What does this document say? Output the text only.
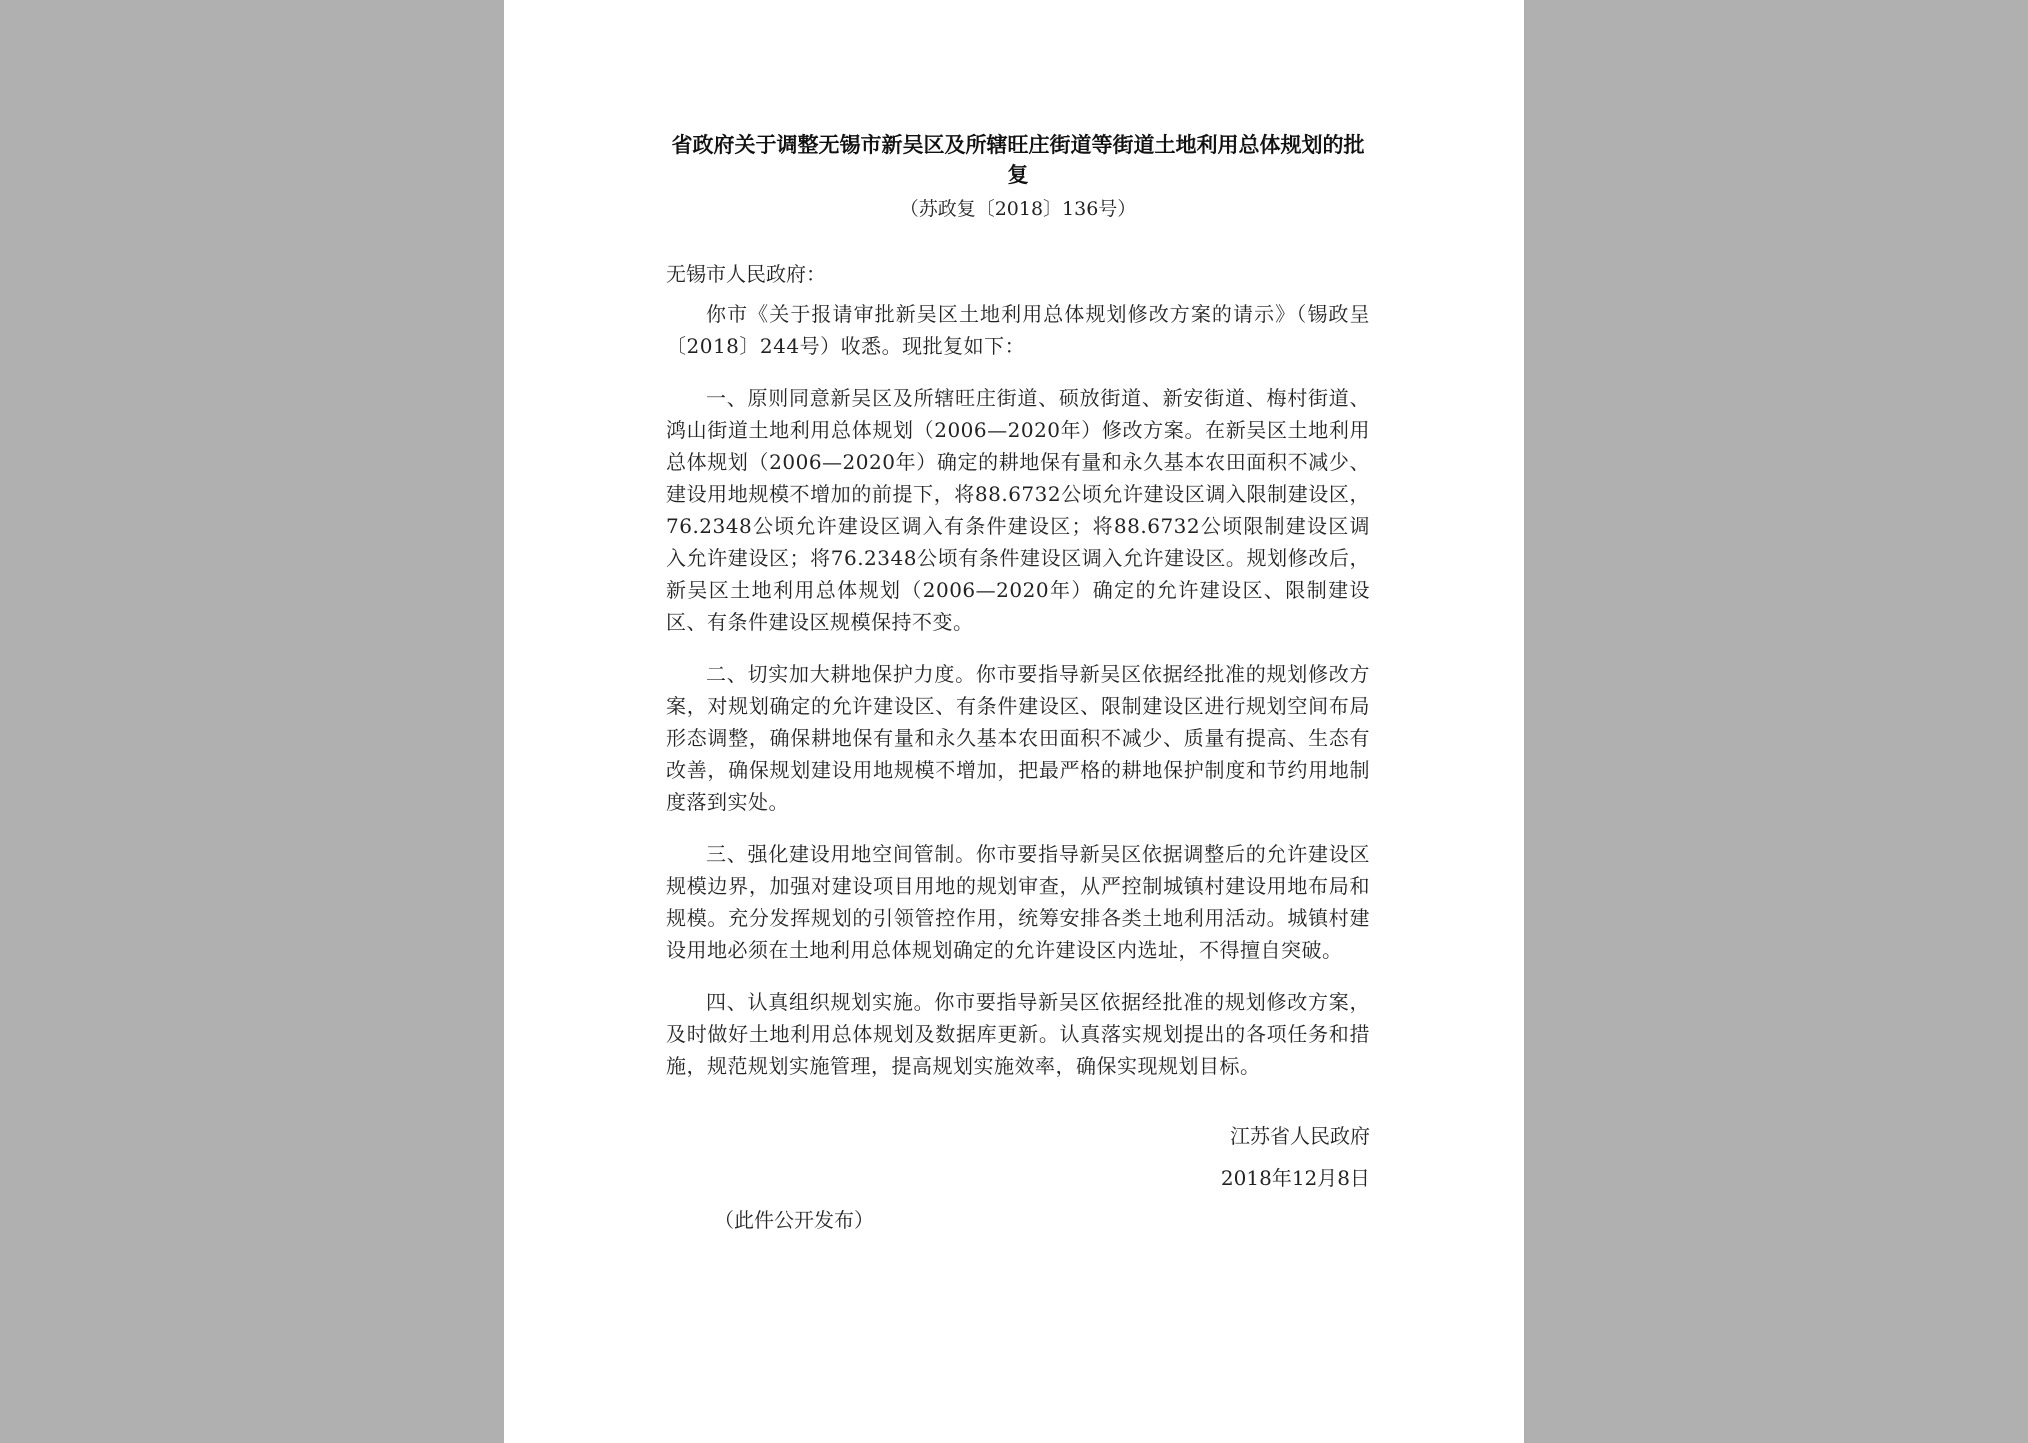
省政府关于调整无锡市新吴区及所辖旺庄街道等街道土地利用总体规划的批复
（苏政复〔2018〕136号）
无锡市人民政府：

你市《关于报请审批新吴区土地利用总体规划修改方案的请示》（锡政呈〔2018〕244号）收悉。现批复如下：

一、原则同意新吴区及所辖旺庄街道、硕放街道、新安街道、梅村街道、鸿山街道土地利用总体规划（2006—2020年）修改方案。在新吴区土地利用总体规划（2006—2020年）确定的耕地保有量和永久基本农田面积不减少、建设用地规模不增加的前提下，将88.6732公顷允许建设区调入限制建设区，76.2348公顷允许建设区调入有条件建设区；将88.6732公顷限制建设区调入允许建设区；将76.2348公顷有条件建设区调入允许建设区。规划修改后，新吴区土地利用总体规划（2006—2020年）确定的允许建设区、限制建设区、有条件建设区规模保持不变。

二、切实加大耕地保护力度。你市要指导新吴区依据经批准的规划修改方案，对规划确定的允许建设区、有条件建设区、限制建设区进行规划空间布局形态调整，确保耕地保有量和永久基本农田面积不减少、质量有提高、生态有改善，确保规划建设用地规模不增加，把最严格的耕地保护制度和节约用地制度落到实处。

三、强化建设用地空间管制。你市要指导新吴区依据调整后的允许建设区规模边界，加强对建设项目用地的规划审查，从严控制城镇村建设用地布局和规模。充分发挥规划的引领管控作用，统筹安排各类土地利用活动。城镇村建设用地必须在土地利用总体规划确定的允许建设区内选址，不得擅自突破。

四、认真组织规划实施。你市要指导新吴区依据经批准的规划修改方案，及时做好土地利用总体规划及数据库更新。认真落实规划提出的各项任务和措施，规范规划实施管理，提高规划实施效率，确保实现规划目标。

江苏省人民政府
2018年12月8日
（此件公开发布）
